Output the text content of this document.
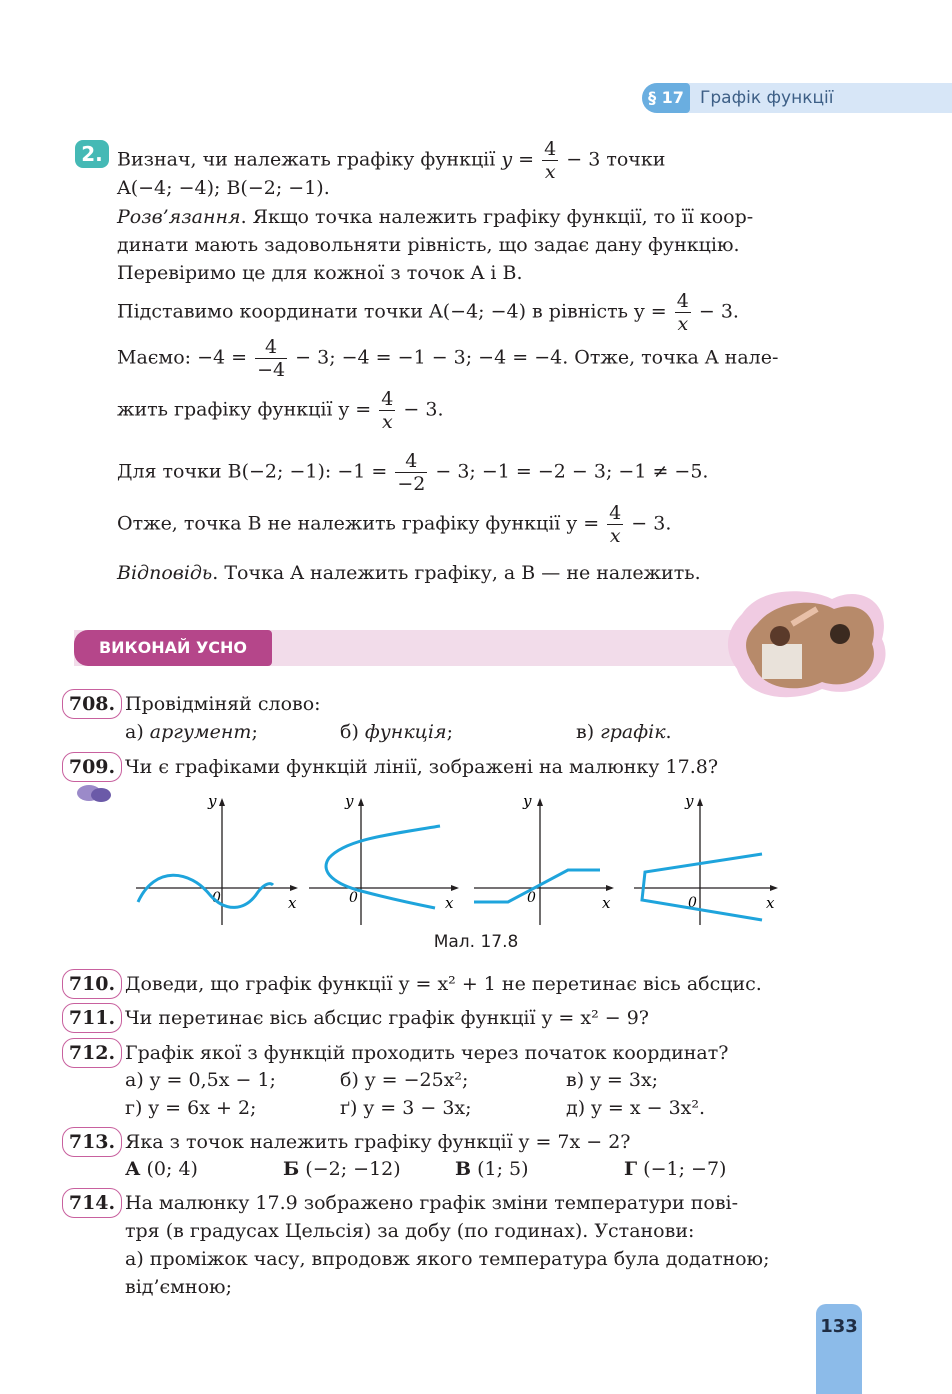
§ 17 Графік функції
2. Визнач, чи належать графіку функції $y = \frac{4}{x} - 3$ точки
A(−4; −4); B(−2; −1).
Розв’язання. Якщо точка належить графіку функції, то її коор-
динати мають задовольняти рівність, що задає дану функцію.
Перевіримо це для кожної з точок A і B.
Підставимо координати точки A(−4; −4) в рівність $y = \frac{4}{x} - 3$.
Маємо: $-4 = \frac{4}{-4} - 3$; −4 = −1 − 3; −4 = −4. Отже, точка A нале-
жить графіку функції $y = \frac{4}{x} - 3$.
Для точки B(−2; −1): $-1 = \frac{4}{-2} - 3$; −1 = −2 − 3; −1 ≠ −5.
Отже, точка B не належить графіку функції $y = \frac{4}{x} - 3$.
Відповідь. Точка A належить графіку, а B — не належить.
ВИКОНАЙ УСНО
708. Провідміняй слово:
а) аргумент;	б) функція;	в) графік.
709. Чи є графіками функцій лінії, зображені на малюнку 17.8?
y
x
0
y
x
0
y
x
0
y
x
0
Мал. 17.8
710. Доведи, що графік функції y = x² + 1 не перетинає вісь абсцис.
711. Чи перетинає вісь абсцис графік функції y = x² − 9?
712. Графік якої з функцій проходить через початок координат?
а) y = 0,5x − 1;	б) y = −25x²;	в) y = 3x;
г) y = 6x + 2;	ґ) y = 3 − 3x;	д) y = x − 3x².
713. Яка з точок належить графіку функції y = 7x − 2?
А (0; 4)	Б (−2; −12)	В (1; 5)	Г (−1; −7)
714. На малюнку 17.9 зображено графік зміни температури пові-
тря (в градусах Цельсія) за добу (по годинах). Установи:
а) проміжок часу, впродовж якого температура була додатною;
від’ємною;
133
